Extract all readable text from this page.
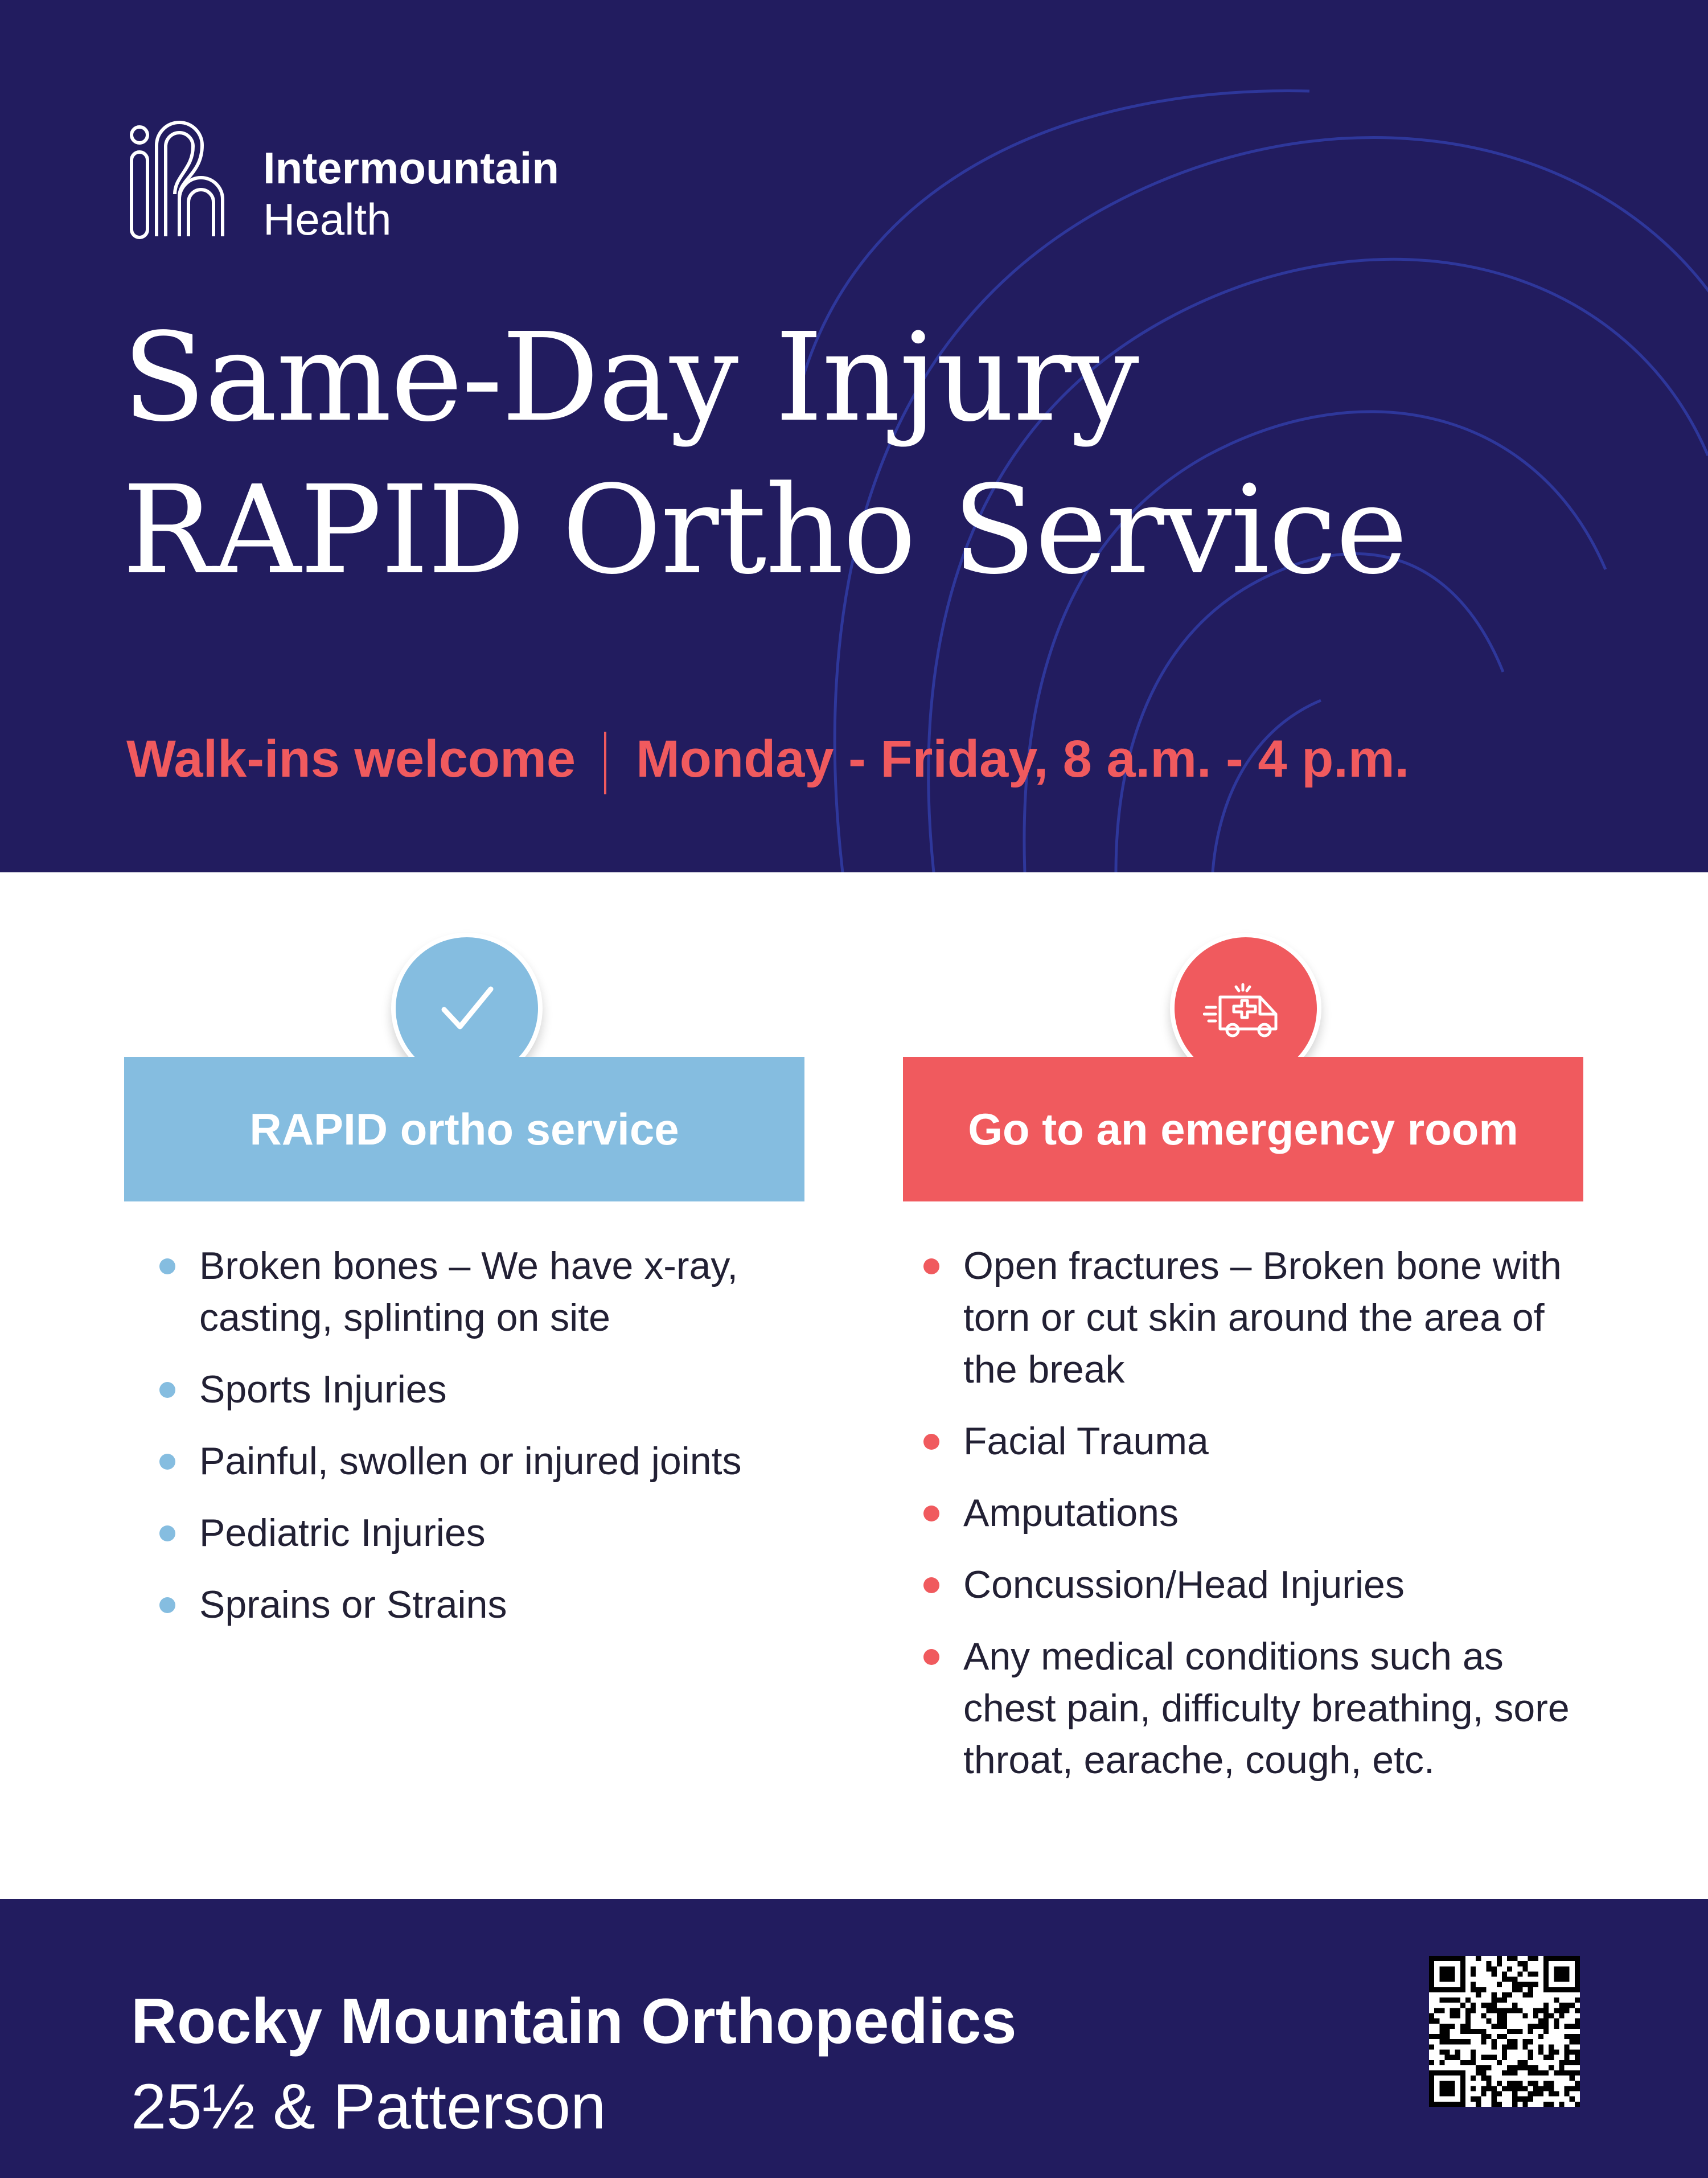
Intermountain
Health
Same-Day Injury
RAPID Ortho Service
Walk-ins welcome Monday - Friday, 8 a.m. - 4 p.m.
RAPID ortho service	Go to an emergency room
Broken bones – We have x-ray, casting, splinting on site
Sports Injuries
Painful, swollen or injured joints
Pediatric Injuries
Sprains or Strains
Open fractures – Broken bone with torn or cut skin around the area of the break
Facial Trauma
Amputations
Concussion/Head Injuries
Any medical conditions such as chest pain, difficulty breathing, sore throat, earache, cough, etc.
Rocky Mountain Orthopedics
25½ & Patterson
